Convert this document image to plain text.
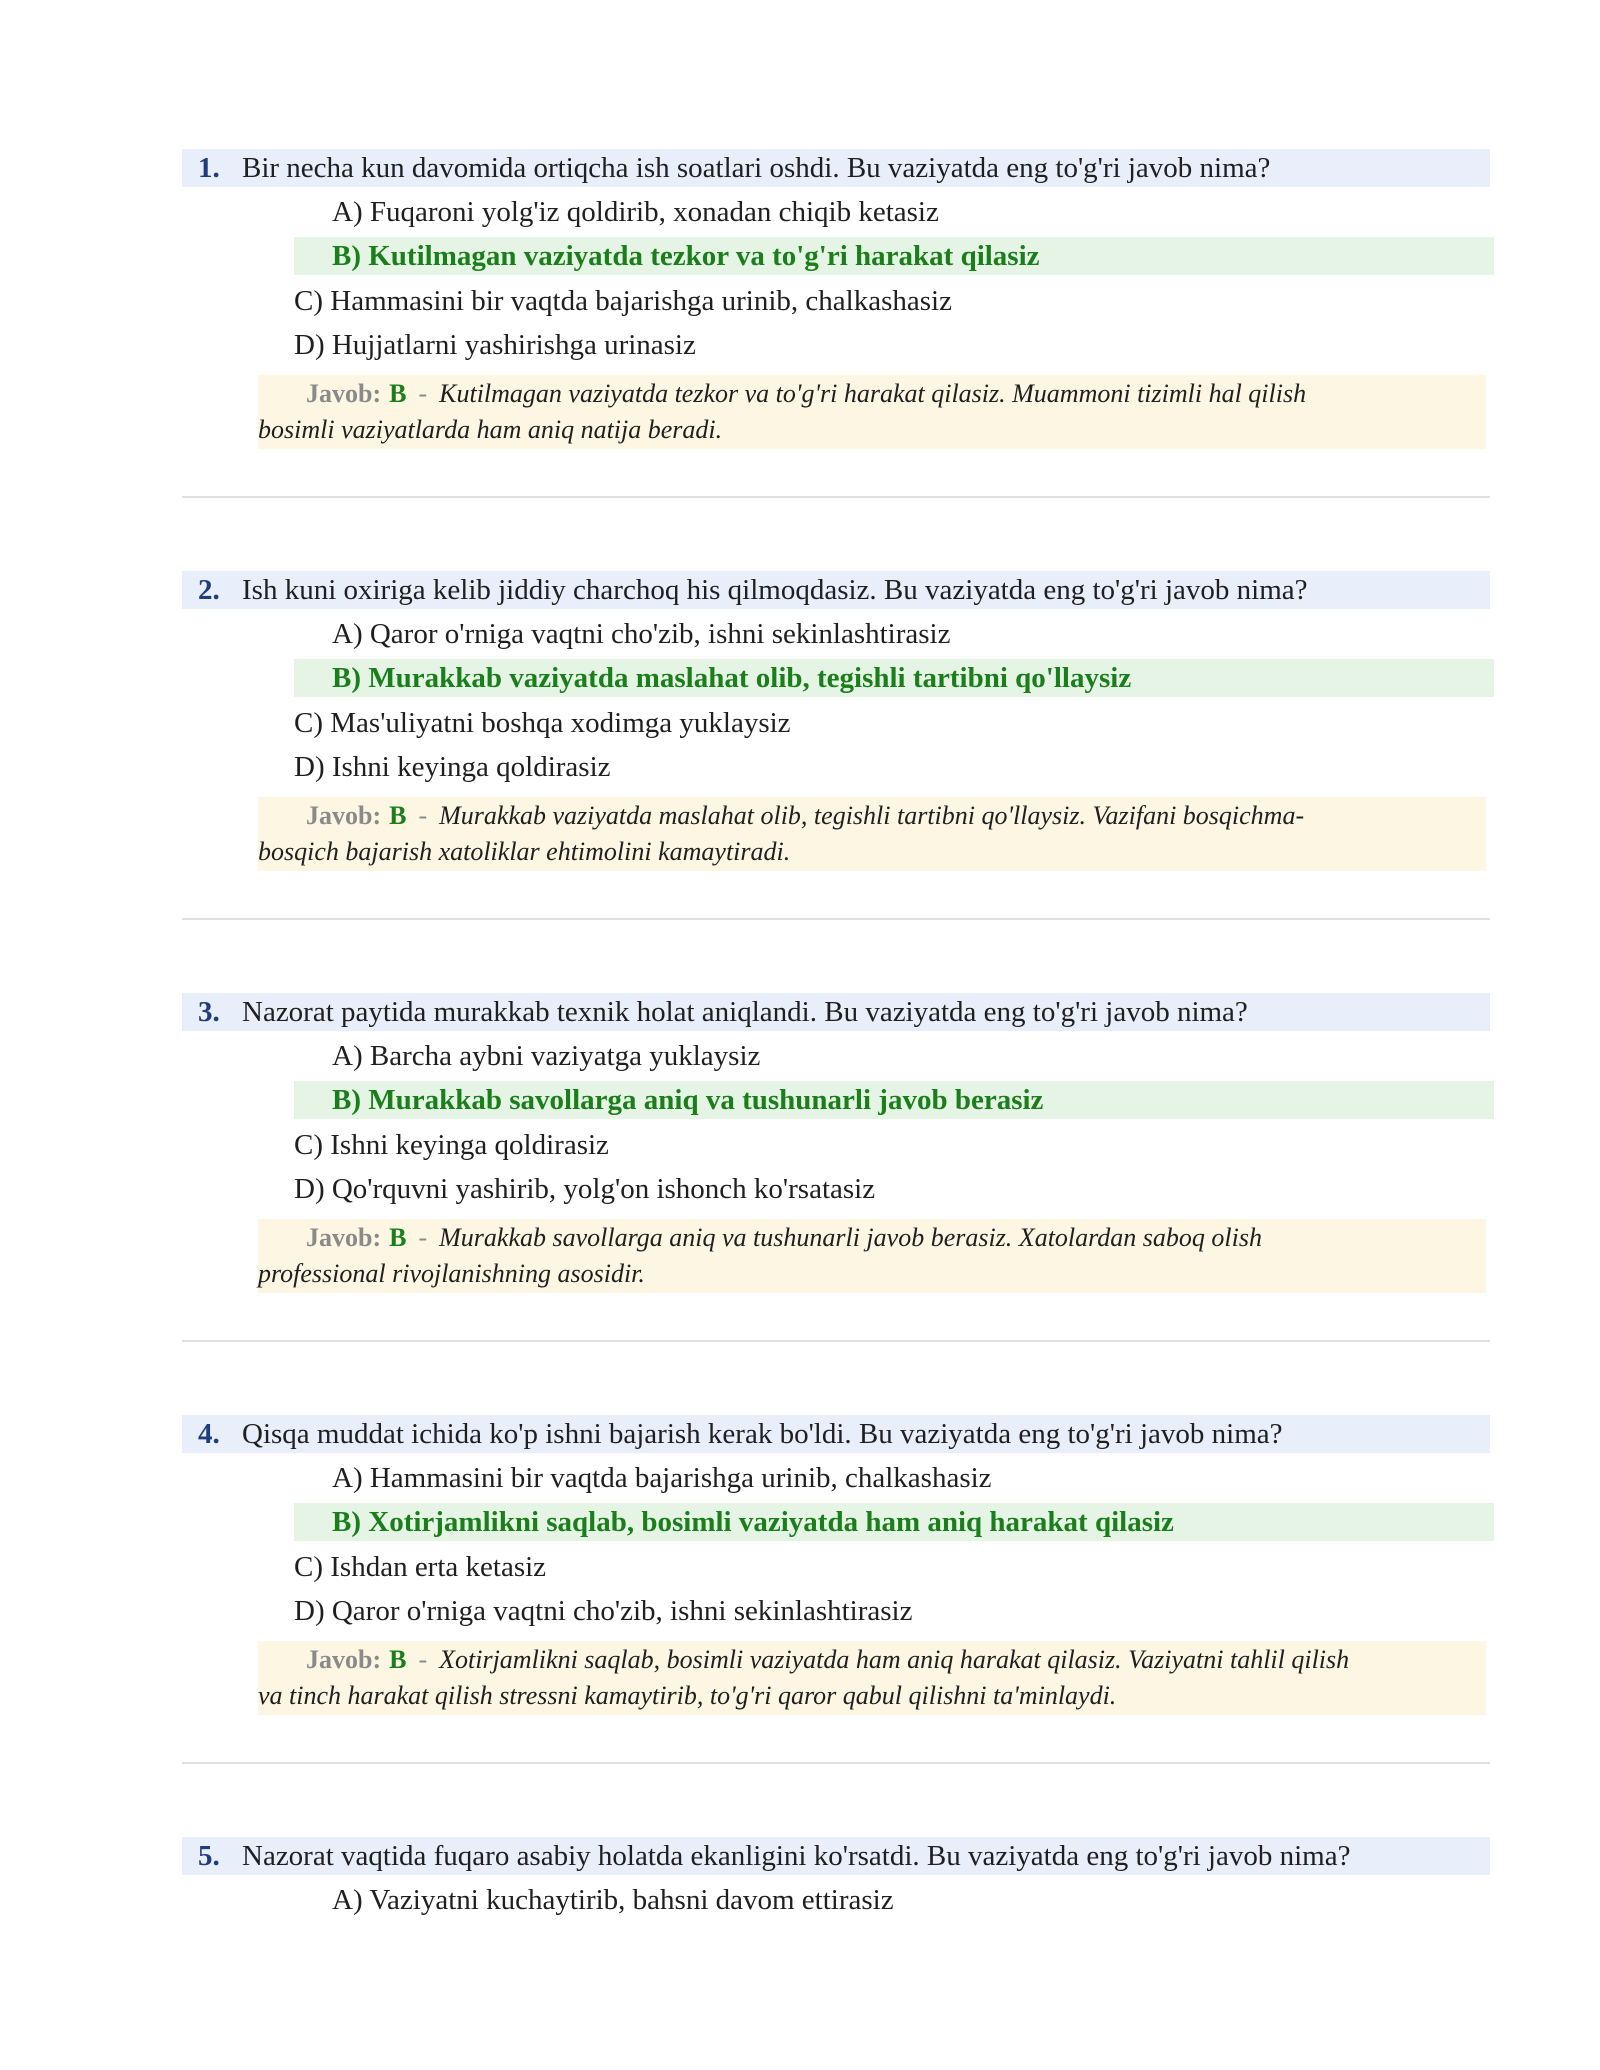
1. Bir necha kun davomida ortiqcha ish soatlari oshdi. Bu vaziyatda eng to'g'ri javob nima?
A) Fuqaroni yolg'iz qoldirib, xonadan chiqib ketasiz
B) Kutilmagan vaziyatda tezkor va to'g'ri harakat qilasiz
C) Hammasini bir vaqtda bajarishga urinib, chalkashasiz
D) Hujjatlarni yashirishga urinasiz
Javob: B - Kutilmagan vaziyatda tezkor va to'g'ri harakat qilasiz. Muammoni tizimli hal qilish
bosimli vaziyatlarda ham aniq natija beradi.
2. Ish kuni oxiriga kelib jiddiy charchoq his qilmoqdasiz. Bu vaziyatda eng to'g'ri javob nima?
A) Qaror o'rniga vaqtni cho'zib, ishni sekinlashtirasiz
B) Murakkab vaziyatda maslahat olib, tegishli tartibni qo'llaysiz
C) Mas'uliyatni boshqa xodimga yuklaysiz
D) Ishni keyinga qoldirasiz
Javob: B - Murakkab vaziyatda maslahat olib, tegishli tartibni qo'llaysiz. Vazifani bosqichma-
bosqich bajarish xatoliklar ehtimolini kamaytiradi.
3. Nazorat paytida murakkab texnik holat aniqlandi. Bu vaziyatda eng to'g'ri javob nima?
A) Barcha aybni vaziyatga yuklaysiz
B) Murakkab savollarga aniq va tushunarli javob berasiz
C) Ishni keyinga qoldirasiz
D) Qo'rquvni yashirib, yolg'on ishonch ko'rsatasiz
Javob: B - Murakkab savollarga aniq va tushunarli javob berasiz. Xatolardan saboq olish
professional rivojlanishning asosidir.
4. Qisqa muddat ichida ko'p ishni bajarish kerak bo'ldi. Bu vaziyatda eng to'g'ri javob nima?
A) Hammasini bir vaqtda bajarishga urinib, chalkashasiz
B) Xotirjamlikni saqlab, bosimli vaziyatda ham aniq harakat qilasiz
C) Ishdan erta ketasiz
D) Qaror o'rniga vaqtni cho'zib, ishni sekinlashtirasiz
Javob: B - Xotirjamlikni saqlab, bosimli vaziyatda ham aniq harakat qilasiz. Vaziyatni tahlil qilish
va tinch harakat qilish stressni kamaytirib, to'g'ri qaror qabul qilishni ta'minlaydi.
5. Nazorat vaqtida fuqaro asabiy holatda ekanligini ko'rsatdi. Bu vaziyatda eng to'g'ri javob nima?
A) Vaziyatni kuchaytirib, bahsni davom ettirasiz
